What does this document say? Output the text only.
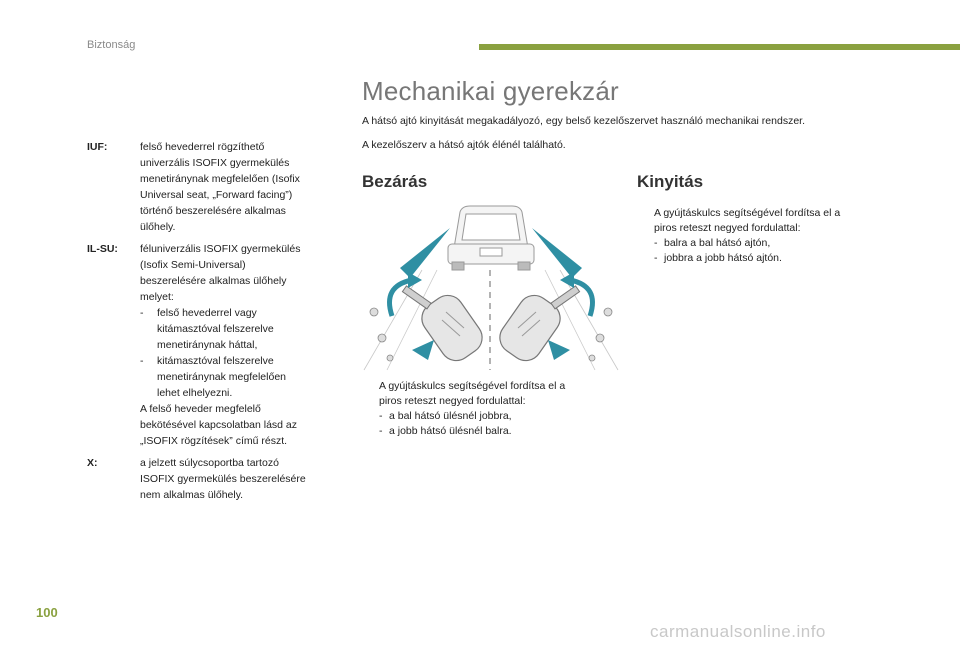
Biztonság
Mechanikai gyerekzár
A hátsó ajtó kinyitását megakadályozó, egy belső kezelőszervet használó mechanikai rendszer.
A kezelőszerv a hátsó ajtók élénél található.
IUF:	felső hevederrel rögzíthető
univerzális ISOFIX gyermekülés
menetiránynak megfelelően (Isofix
Universal seat, „Forward facing”)
történő beszerelésére alkalmas
ülőhely.
IL-SU: féluniverzális ISOFIX gyermekülés
(Isofix Semi-Universal)
beszerelésére alkalmas ülőhely
melyet:
- felső hevederrel vagy
kitámasztóval felszerelve
menetiránynak háttal,
- kitámasztóval felszerelve
menetiránynak megfelelően
lehet elhelyezni.
A felső heveder megfelelő
bekötésével kapcsolatban lásd az
„ISOFIX rögzítések” című részt.
X:	a jelzett súlycsoportba tartozó
ISOFIX gyermekülés beszerelésére
nem alkalmas ülőhely.
Bezárás
A gyújtáskulcs segítségével fordítsa el a
piros reteszt negyed fordulattal:
- a bal hátsó ülésnél jobbra,
- a jobb hátsó ülésnél balra.
Kinyitás
A gyújtáskulcs segítségével fordítsa el a
piros reteszt negyed fordulattal:
- balra a bal hátsó ajtón,
- jobbra a jobb hátsó ajtón.
100
carmanualsonline.info
